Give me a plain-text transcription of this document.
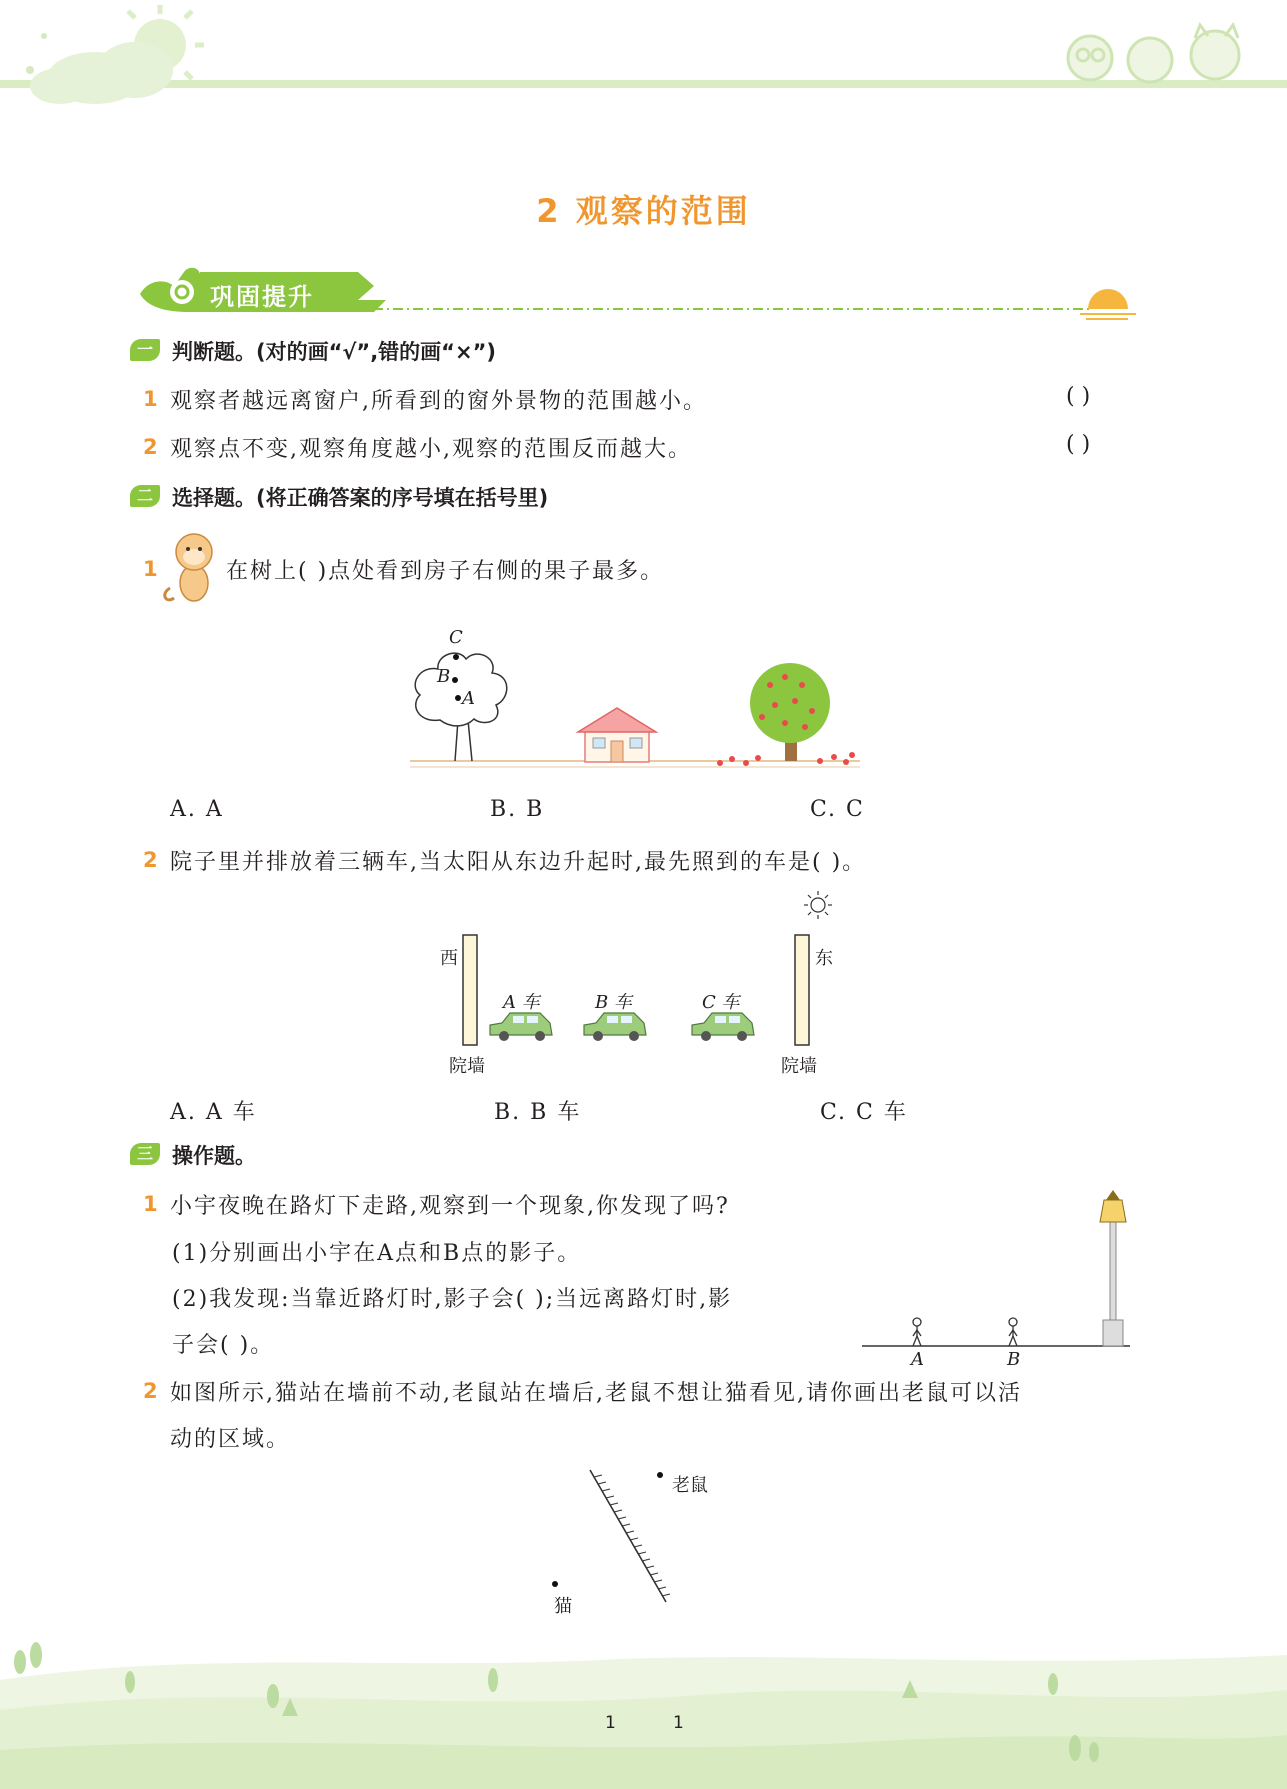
2 观察的范围
巩固提升
一 判断题。(对的画“√”,错的画“×”)
1 观察者越远离窗户,所看到的窗外景物的范围越小。	( )
2 观察点不变,观察角度越小,观察的范围反而越大。	( )
二 选择题。(将正确答案的序号填在括号里)
1	在树上( )点处看到房子右侧的果子最多。
C
B
A
A. A	B. B	C. C
2 院子里并排放着三辆车,当太阳从东边升起时,最先照到的车是( )。
西	东
院墙	院墙
A 车	B 车	C 车
A. A 车	B. B 车	C. C 车
三 操作题。
1 小宇夜晚在路灯下走路,观察到一个现象,你发现了吗?
(1)分别画出小宇在A点和B点的影子。
(2)我发现:当靠近路灯时,影子会( );当远离路灯时,影
子会( )。
A	B
2 如图所示,猫站在墙前不动,老鼠站在墙后,老鼠不想让猫看见,请你画出老鼠可以活
动的区域。
老鼠
猫
1	1
